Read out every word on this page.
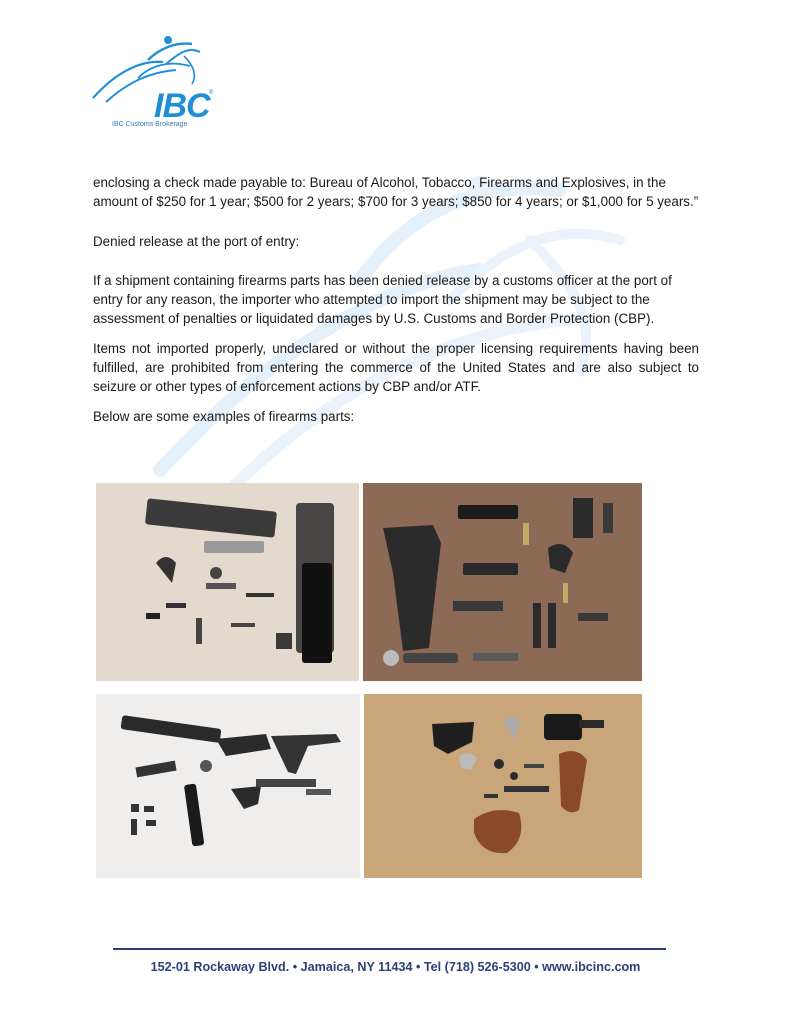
IBC ®
IBC Customs Brokerage

enclosing a check made payable to: Bureau of Alcohol, Tobacco, Firearms and Explosives, in the amount of $250 for 1 year; $500 for 2 years; $700 for 3 years; $850 for 4 years; or $1,000 for 5 years.”

Denied release at the port of entry:

If a shipment containing firearms parts has been denied release by a customs officer at the port of entry for any reason, the importer who attempted to import the shipment may be subject to the assessment of penalties or liquidated damages by U.S. Customs and Border Protection (CBP).

Items not imported properly, undeclared or without the proper licensing requirements having been fulfilled, are prohibited from entering the commerce of the United States and are also subject to seizure or other types of enforcement actions by CBP and/or ATF.

Below are some examples of firearms parts:

152-01 Rockaway Blvd. • Jamaica, NY 11434 • Tel (718) 526-5300 • www.ibcinc.com
